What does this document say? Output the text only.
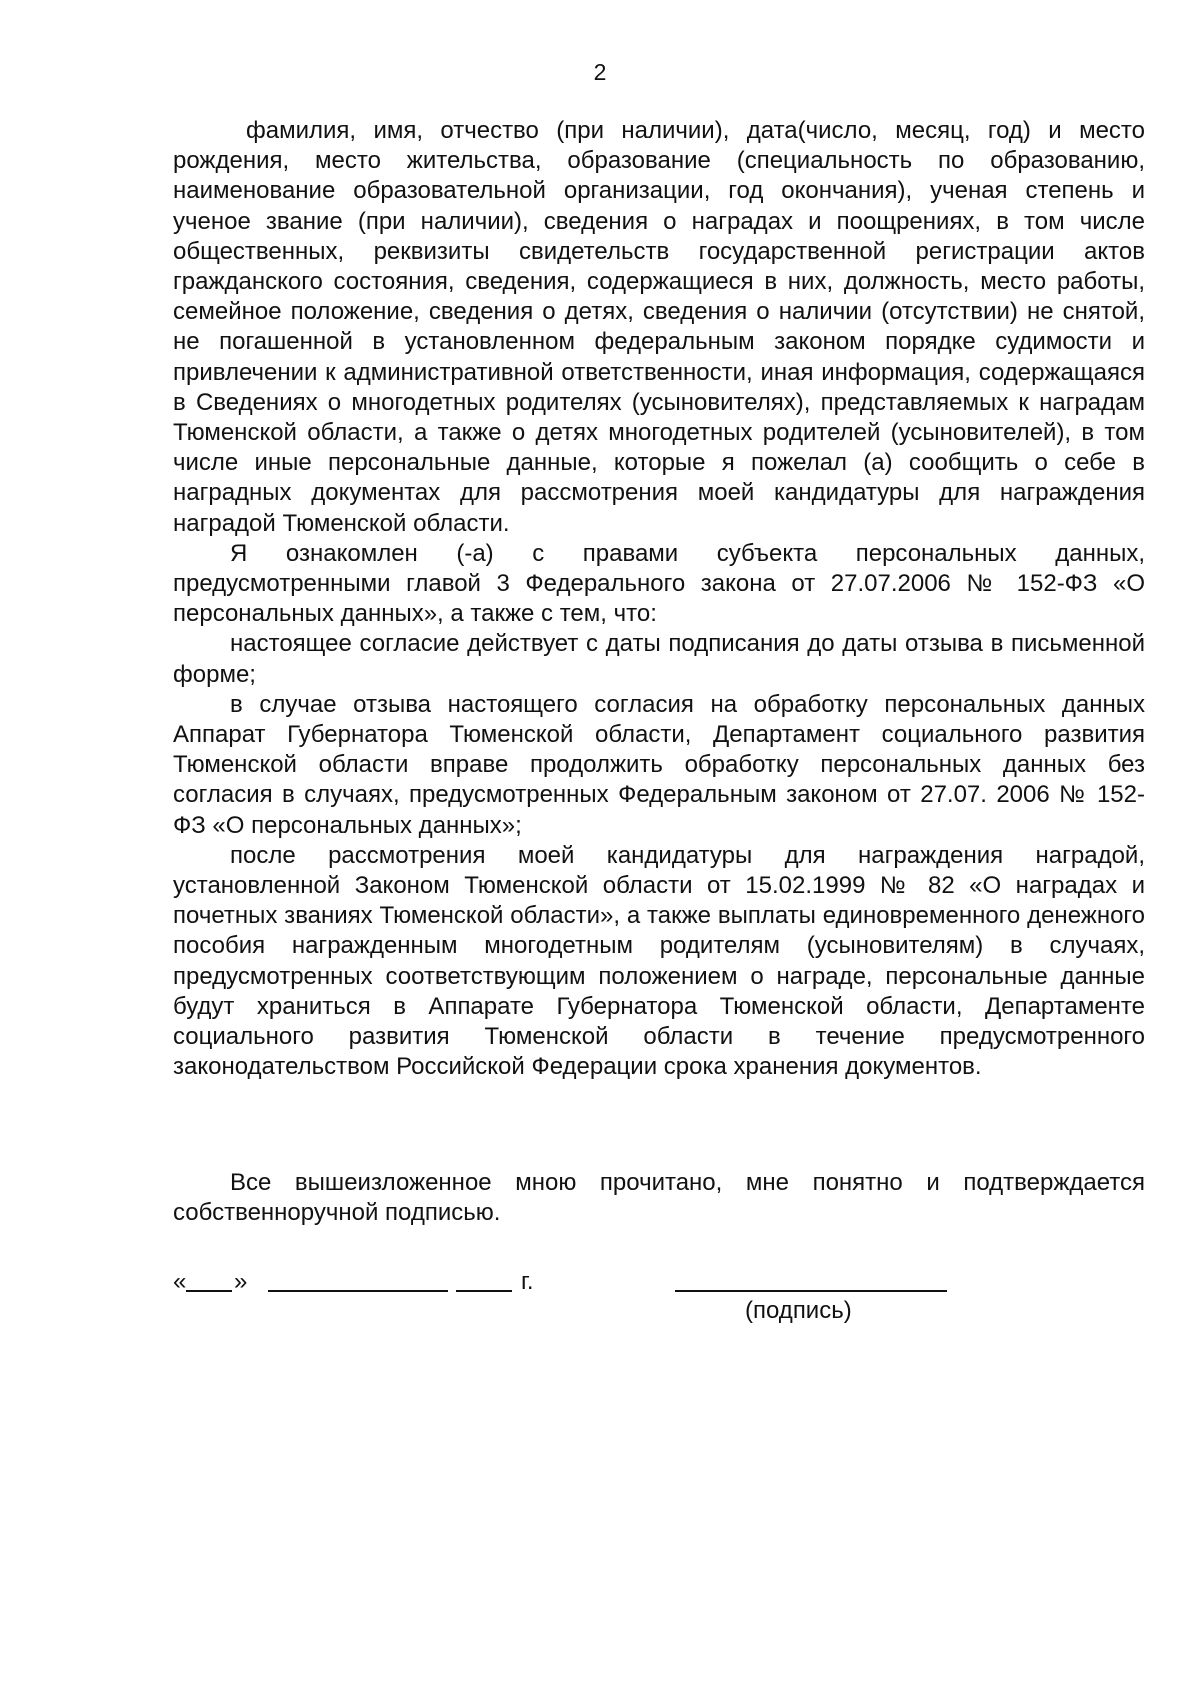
2

фамилия, имя, отчество (при наличии), дата(число, месяц, год) и место рождения, место жительства, образование (специальность по образованию, наименование образовательной организации, год окончания), ученая степень и ученое звание (при наличии), сведения о наградах и поощрениях, в том числе общественных, реквизиты свидетельств государственной регистрации актов гражданского состояния, сведения, содержащиеся в них, должность, место работы, семейное положение, сведения о детях, сведения о наличии (отсутствии) не снятой, не погашенной в установленном федеральным законом порядке судимости и привлечении к административной ответственности, иная информация, содержащаяся в Сведениях о многодетных родителях (усыновителях), представляемых к наградам Тюменской области, а также о детях многодетных родителей (усыновителей), в том числе иные персональные данные, которые я пожелал (а) сообщить о себе в наградных документах для рассмотрения моей кандидатуры для награждения наградой Тюменской области.

Я ознакомлен (-а) с правами субъекта персональных данных, предусмотренными главой 3 Федерального закона от 27.07.2006 № 152-ФЗ «О персональных данных», а также с тем, что:

настоящее согласие действует с даты подписания до даты отзыва в письменной форме;

в случае отзыва настоящего согласия на обработку персональных данных Аппарат Губернатора Тюменской области, Департамент социального развития Тюменской области вправе продолжить обработку персональных данных без согласия в случаях, предусмотренных Федеральным законом от 27.07. 2006 № 152-ФЗ «О персональных данных»;

после рассмотрения моей кандидатуры для награждения наградой, установленной Законом Тюменской области от 15.02.1999 № 82 «О наградах и почетных званиях Тюменской области», а также выплаты единовременного денежного пособия награжденным многодетным родителям (усыновителям) в случаях, предусмотренных соответствующим положением о награде, персональные данные будут храниться в Аппарате Губернатора Тюменской области, Департаменте социального развития Тюменской области в течение предусмотренного законодательством Российской Федерации срока хранения документов.

Все вышеизложенное мною прочитано, мне понятно и подтверждается собственноручной подписью.

« »	г.
(подпись)
